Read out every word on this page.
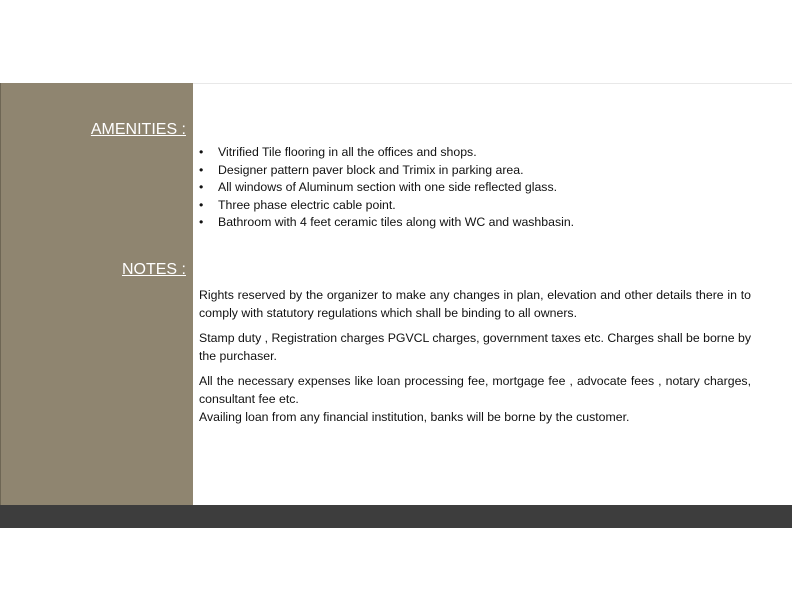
AMENITIES :
NOTES :
• Vitrified Tile flooring in all the offices and shops.
• Designer pattern paver block and Trimix in parking area.
• All windows of Aluminum section with one side reflected glass.
• Three phase electric cable point.
• Bathroom with 4 feet ceramic tiles along with WC and washbasin.

Rights reserved by the organizer to make any changes in plan, elevation and other details there in to comply with statutory regulations which shall be binding to all owners.

Stamp duty , Registration charges PGVCL charges, government taxes etc. Charges shall be borne by the purchaser.

All the necessary expenses like loan processing fee, mortgage fee , advocate fees , notary charges, consultant fee etc.

Availing loan from any financial institution, banks will be borne by the customer.
